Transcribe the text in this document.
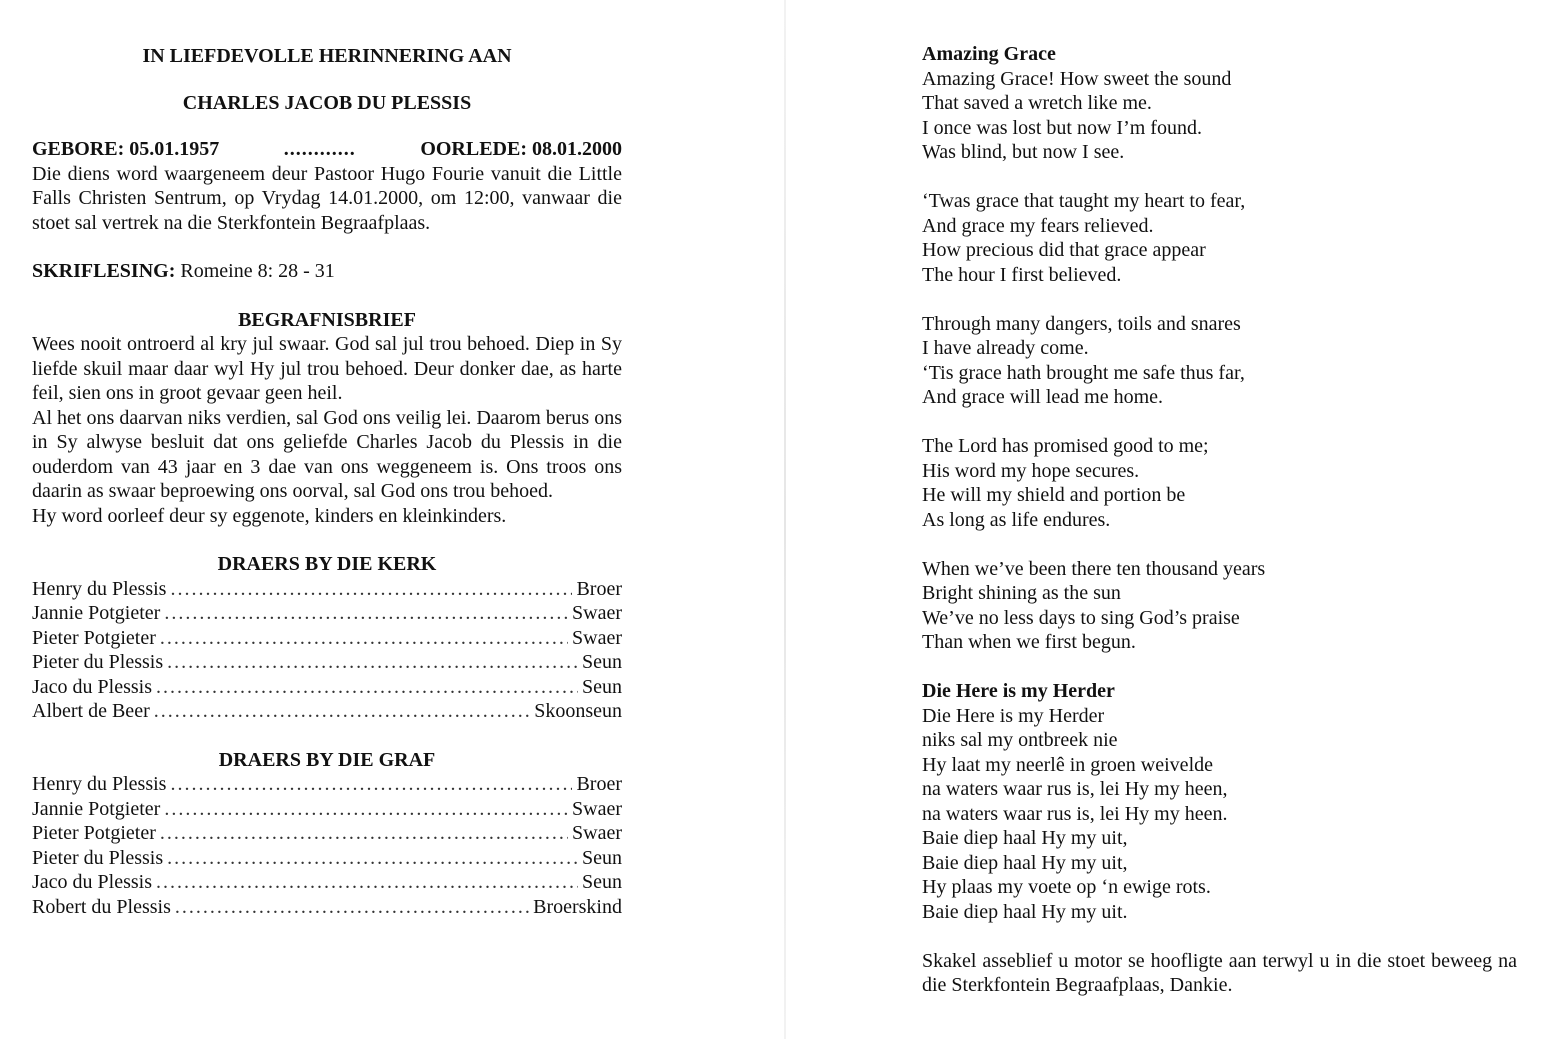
IN LIEFDEVOLLE HERINNERING AAN
CHARLES JACOB DU PLESSIS
GEBORE: 05.01.1957	............	OORLEDE: 08.01.2000

Die diens word waargeneem deur Pastoor Hugo Fourie vanuit die Little Falls Christen Sentrum, op Vrydag 14.01.2000, om 12:00, vanwaar die stoet sal vertrek na die Sterkfontein Begraafplaas.

SKRIFLESING: Romeine 8: 28 - 31
BEGRAFNISBRIEF

Wees nooit ontroerd al kry jul swaar. God sal jul trou behoed. Diep in Sy liefde skuil maar daar wyl Hy jul trou behoed. Deur donker dae, as harte feil, sien ons in groot gevaar geen heil.

Al het ons daarvan niks verdien, sal God ons veilig lei. Daarom berus ons in Sy alwyse besluit dat ons geliefde Charles Jacob du Plessis in die ouderdom van 43 jaar en 3 dae van ons weggeneem is. Ons troos ons daarin as swaar beproewing ons oorval, sal God ons trou behoed.

Hy word oorleef deur sy eggenote, kinders en kleinkinders.

DRAERS BY DIE KERK
Henry du Plessis .....	Broer
Jannie Potgieter .....	Swaer
Pieter Potgieter .....	Swaer
Pieter du Plessis .....	Seun
Jaco du Plessis .....	Seun
Albert de Beer .....	Skoonseun
DRAERS BY DIE GRAF
Henry du Plessis .....	Broer
Jannie Potgieter .....	Swaer
Pieter Potgieter .....	Swaer
Pieter du Plessis .....	Seun
Jaco du Plessis .....	Seun
Robert du Plessis .....	Broerskind
Amazing Grace
Amazing Grace! How sweet the sound
That saved a wretch like me.
I once was lost but now I’m found.
Was blind, but now I see.
‘Twas grace that taught my heart to fear,
And grace my fears relieved.
How precious did that grace appear
The hour I first believed.
Through many dangers, toils and snares
I have already come.
‘Tis grace hath brought me safe thus far,
And grace will lead me home.
The Lord has promised good to me;
His word my hope secures.
He will my shield and portion be
As long as life endures.
When we’ve been there ten thousand years
Bright shining as the sun
We’ve no less days to sing God’s praise
Than when we first begun.
Die Here is my Herder
Die Here is my Herder
niks sal my ontbreek nie
Hy laat my neerlê in groen weivelde
na waters waar rus is, lei Hy my heen,
na waters waar rus is, lei Hy my heen.
Baie diep haal Hy my uit,
Baie diep haal Hy my uit,
Hy plaas my voete op ‘n ewige rots.
Baie diep haal Hy my uit.

Skakel asseblief u motor se hoofligte aan terwyl u in die stoet beweeg na die Sterkfontein Begraafplaas, Dankie.
